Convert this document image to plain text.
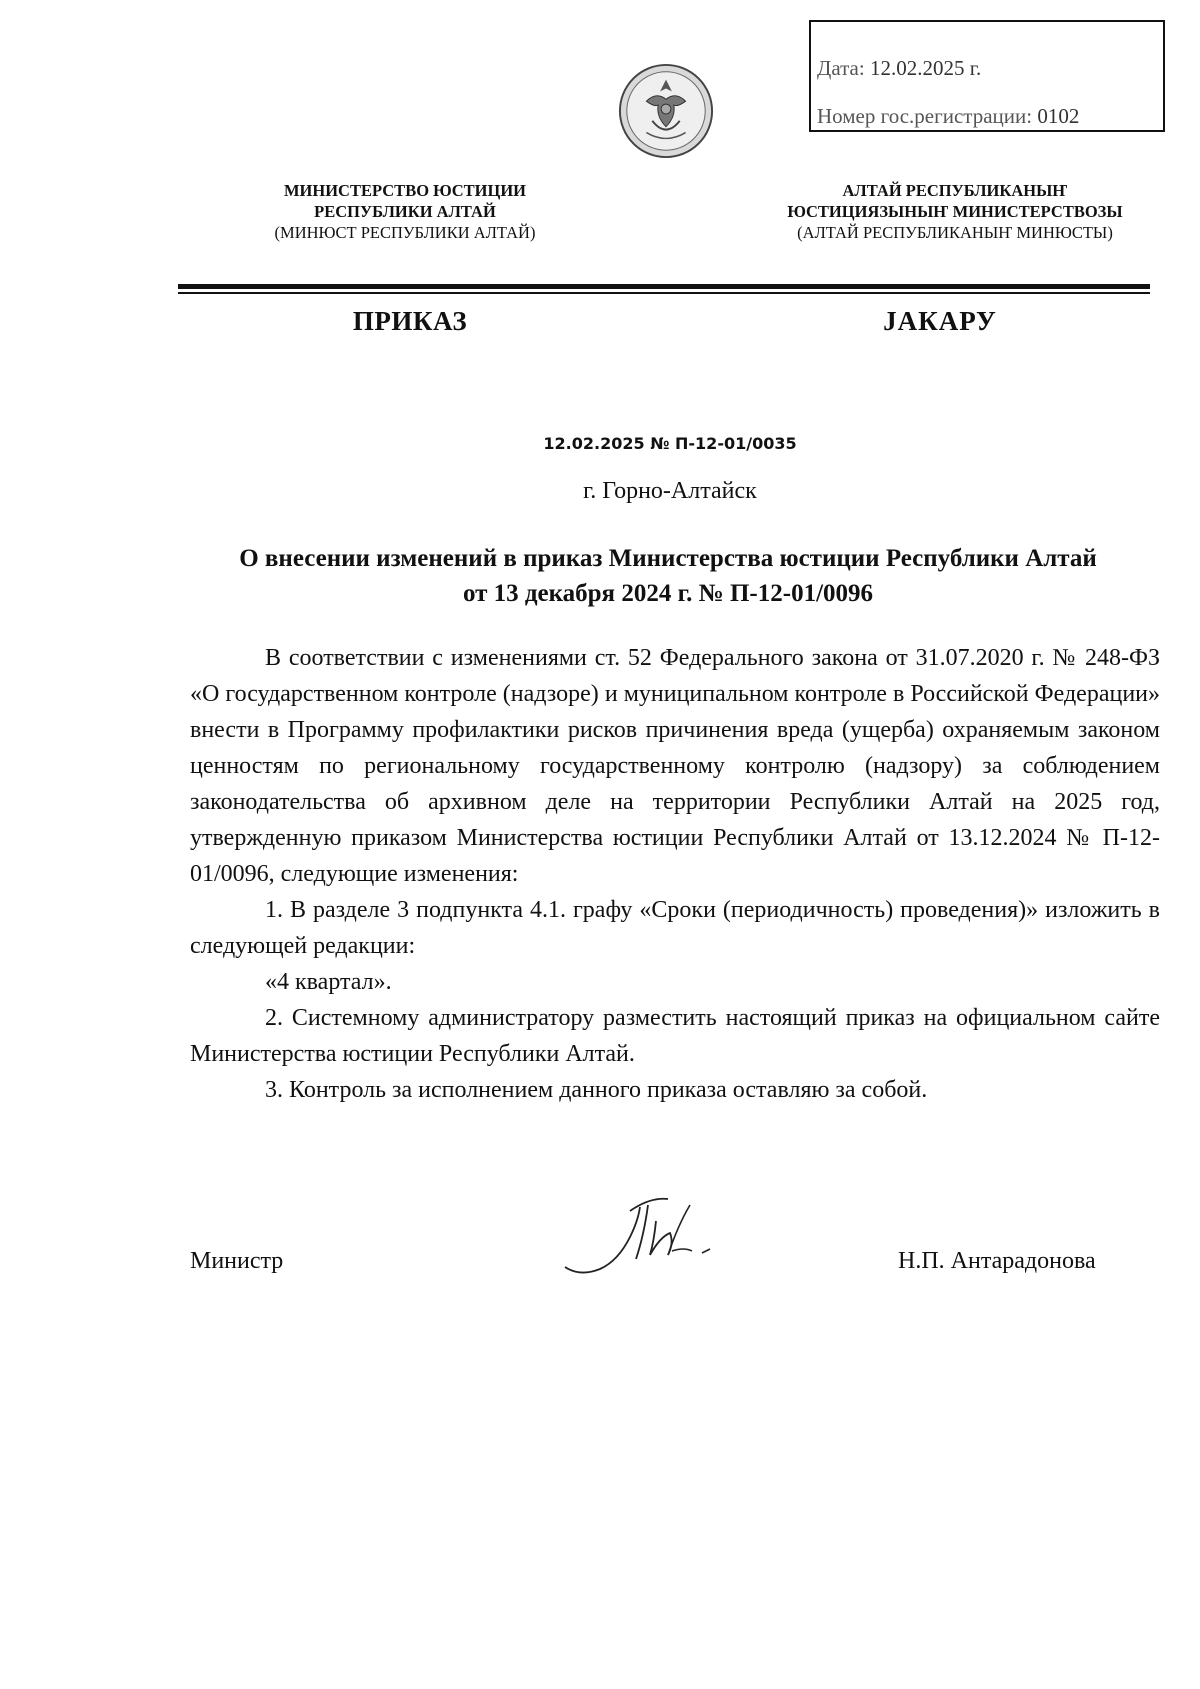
Дата: 12.02.2025 г.
Номер гос.регистрации: 0102
МИНИСТЕРСТВО ЮСТИЦИИ
РЕСПУБЛИКИ АЛТАЙ
(МИНЮСТ РЕСПУБЛИКИ АЛТАЙ)
АЛТАЙ РЕСПУБЛИКАНЫҤ
ЮСТИЦИЯЗЫНЫҤ МИНИСТЕРСТВОЗЫ
(АЛТАЙ РЕСПУБЛИКАНЫҤ МИНЮСТЫ)
ПРИКАЗ	ЈАКАРУ
12.02.2025 № П-12-01/0035
г. Горно-Алтайск
О внесении изменений в приказ Министерства юстиции Республики Алтай
от 13 декабря 2024 г. № П-12-01/0096

В соответствии с изменениями ст. 52 Федерального закона от 31.07.2020 г. № 248-ФЗ «О государственном контроле (надзоре) и муниципальном контроле в Российской Федерации» внести в Программу профилактики рисков причинения вреда (ущерба) охраняемым законом ценностям по региональному государственному контролю (надзору) за соблюдением законодательства об архивном деле на территории Республики Алтай на 2025 год, утвержденную приказом Министерства юстиции Республики Алтай от 13.12.2024 № П-12-01/0096, следующие изменения:

1. В разделе 3 подпункта 4.1. графу «Сроки (периодичность) проведения)» изложить в следующей редакции:

«4 квартал».

2. Системному администратору разместить настоящий приказ на официальном сайте Министерства юстиции Республики Алтай.

3. Контроль за исполнением данного приказа оставляю за собой.

Министр	Н.П. Антарадонова
